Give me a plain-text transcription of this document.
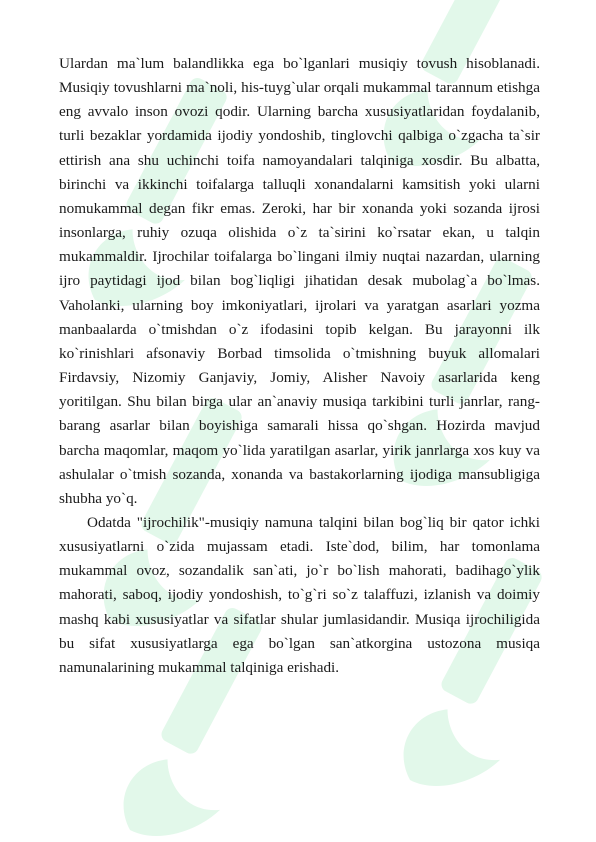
Ulardan ma`lum balandlikka ega bo`lganlari musiqiy tovush hisoblanadi. Musiqiy tovushlarni ma`noli, his-tuyg`ular orqali mukammal tarannum etishga eng avvalo inson ovozi qodir. Ularning barcha xususiyatlaridan foydalanib, turli bezaklar yordamida ijodiy yondoshib, tinglovchi qalbiga o`zgacha ta`sir ettirish ana shu uchinchi toifa namoyandalari talqiniga xosdir. Bu albatta, birinchi va ikkinchi toifalarga talluqli xonandalarni kamsitish yoki ularni nomukammal degan fikr emas. Zeroki, har bir xonanda yoki sozanda ijrosi insonlarga, ruhiy ozuqa olishida o`z ta`sirini ko`rsatar ekan, u talqin mukammaldir. Ijrochilar toifalarga bo`lingani ilmiy nuqtai nazardan, ularning ijro paytidagi ijod bilan bog`liqligi jihatidan desak mubolag`a bo`lmas. Vaholanki, ularning boy imkoniyatlari, ijrolari va yaratgan asarlari yozma manbaalarda o`tmishdan o`z ifodasini topib kelgan. Bu jarayonni ilk ko`rinishlari afsonaviy Borbad timsolida o`tmishning buyuk allomalari Firdavsiy, Nizomiy Ganjaviy, Jomiy, Alisher Navoiy asarlarida keng yoritilgan. Shu bilan birga ular an`anaviy musiqa tarkibini turli janrlar, rang-barang asarlar bilan boyishiga samarali hissa qo`shgan. Hozirda mavjud barcha maqomlar, maqom yo`lida yaratilgan asarlar, yirik janrlarga xos kuy va ashulalar o`tmish sozanda, xonanda va bastakorlarning ijodiga mansubligiga shubha yo`q.

Odatda "ijrochilik"-musiqiy namuna talqini bilan bog`liq bir qator ichki xususiyatlarni o`zida mujassam etadi. Iste`dod, bilim, har tomonlama mukammal ovoz, sozandalik san`ati, jo`r bo`lish mahorati, badihago`ylik mahorati, saboq, ijodiy yondoshish, to`g`ri so`z talaffuzi, izlanish va doimiy mashq kabi xususiyatlar va sifatlar shular jumlasidandir. Musiqa ijrochiligida bu sifat xususiyatlarga ega bo`lgan san`atkorgina ustozona musiqa namunalarining mukammal talqiniga erishadi.
